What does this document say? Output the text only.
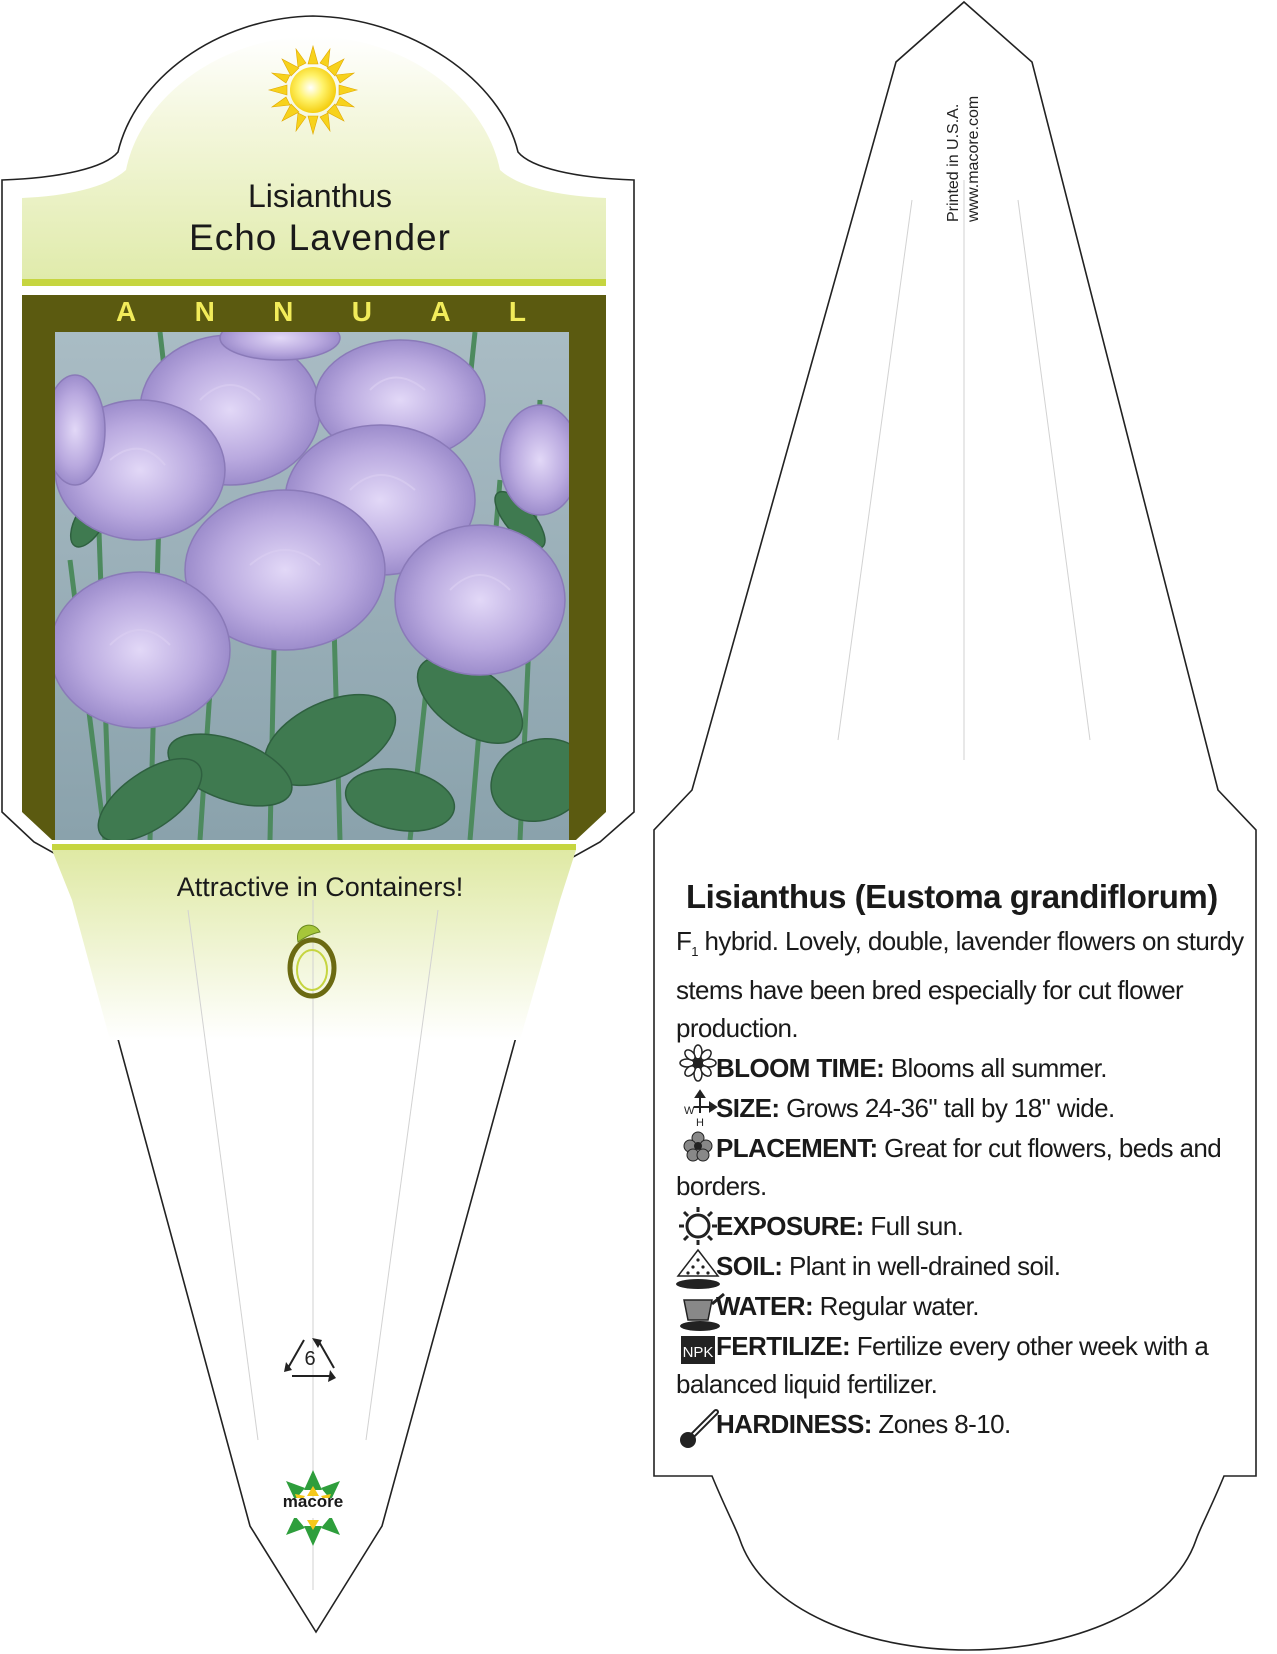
W
H
NPK
Lisianthus
Echo Lavender
A N N U A L
Attractive in Containers!
6
macore
Printed in U.S.A. www.macore.com
Lisianthus (Eustoma grandiflorum)
$F_1$ hybrid. Lovely, double, lavender flowers on sturdy stems have been bred especially for cut flower production.
BLOOM TIME: Blooms all summer.
SIZE: Grows 24-36" tall by 18" wide.
PLACEMENT: Great for cut flowers, beds and borders.
EXPOSURE: Full sun.
SOIL: Plant in well-drained soil.
WATER: Regular water.
FERTILIZE: Fertilize every other week with a balanced liquid fertilizer.
HARDINESS: Zones 8-10.
